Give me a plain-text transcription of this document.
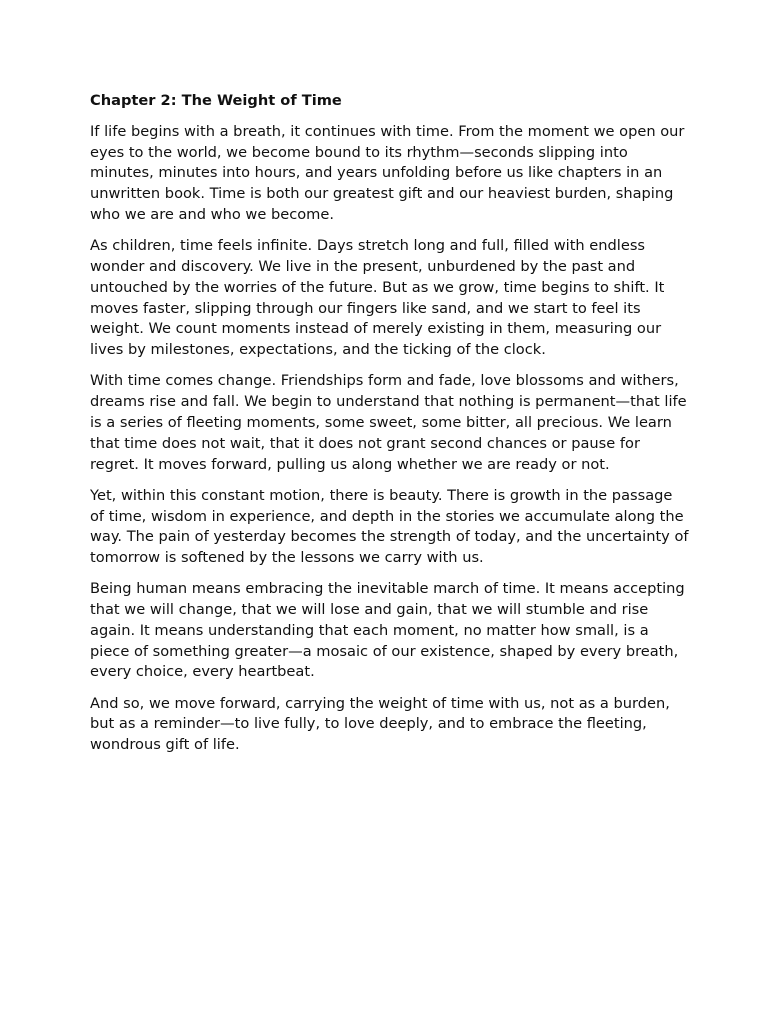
Chapter 2: The Weight of Time

If life begins with a breath, it continues with time. From the moment we open our eyes to the world, we become bound to its rhythm—seconds slipping into minutes, minutes into hours, and years unfolding before us like chapters in an unwritten book. Time is both our greatest gift and our heaviest burden, shaping who we are and who we become.

As children, time feels infinite. Days stretch long and full, filled with endless wonder and discovery. We live in the present, unburdened by the past and untouched by the worries of the future. But as we grow, time begins to shift. It moves faster, slipping through our fingers like sand, and we start to feel its weight. We count moments instead of merely existing in them, measuring our lives by milestones, expectations, and the ticking of the clock.

With time comes change. Friendships form and fade, love blossoms and withers, dreams rise and fall. We begin to understand that nothing is permanent—that life is a series of fleeting moments, some sweet, some bitter, all precious. We learn that time does not wait, that it does not grant second chances or pause for regret. It moves forward, pulling us along whether we are ready or not.

Yet, within this constant motion, there is beauty. There is growth in the passage of time, wisdom in experience, and depth in the stories we accumulate along the way. The pain of yesterday becomes the strength of today, and the uncertainty of tomorrow is softened by the lessons we carry with us.

Being human means embracing the inevitable march of time. It means accepting that we will change, that we will lose and gain, that we will stumble and rise again. It means understanding that each moment, no matter how small, is a piece of something greater—a mosaic of our existence, shaped by every breath, every choice, every heartbeat.

And so, we move forward, carrying the weight of time with us, not as a burden, but as a reminder—to live fully, to love deeply, and to embrace the fleeting, wondrous gift of life.
